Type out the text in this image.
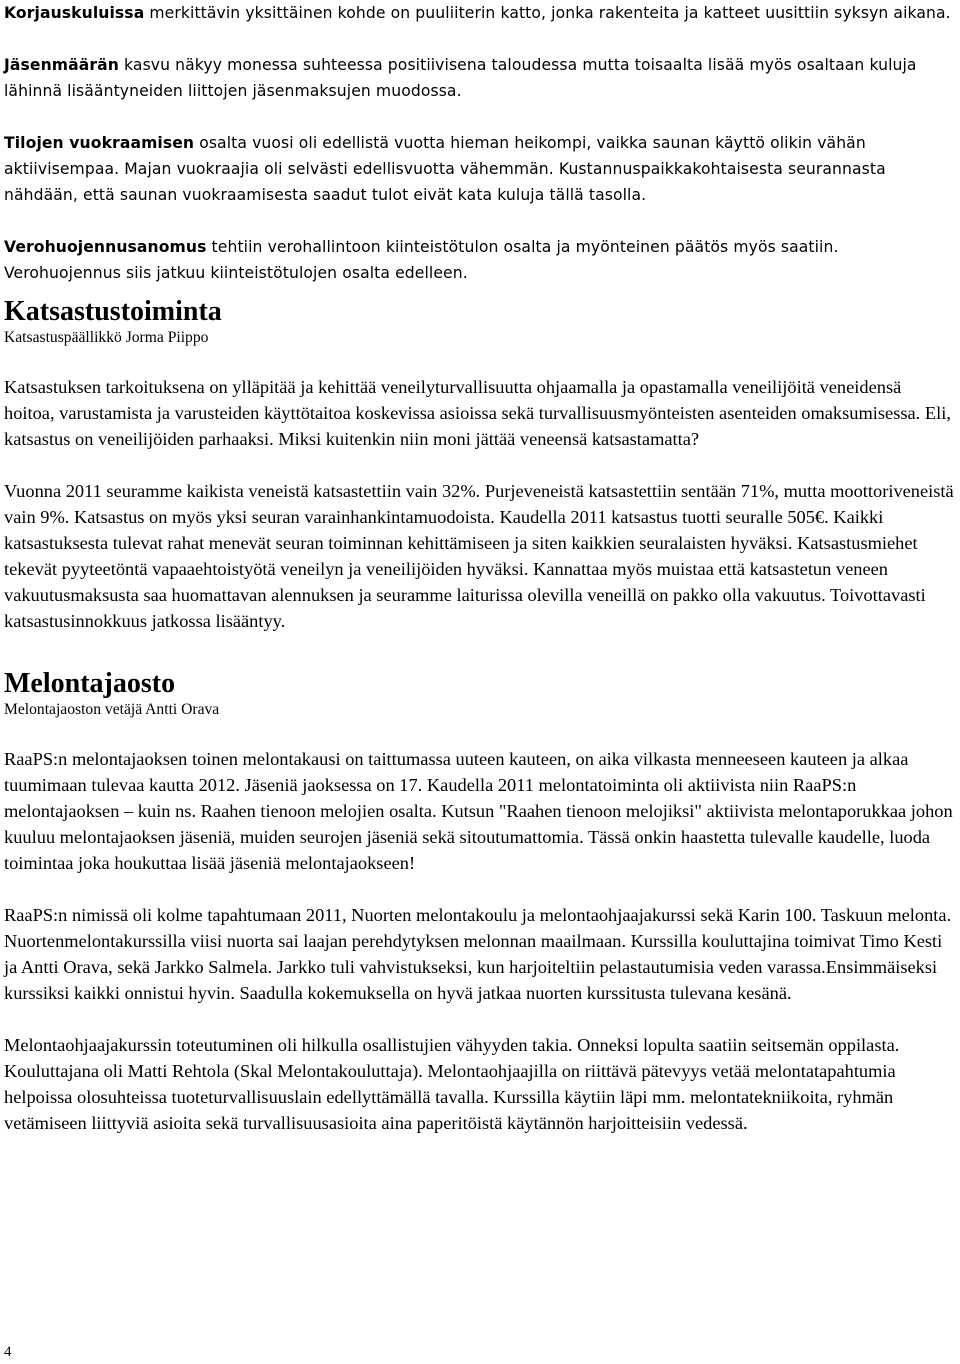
Korjauskuluissa merkittävin yksittäinen kohde on puuliiterin katto, jonka rakenteita ja katteet uusittiin syksyn aikana.

Jäsenmäärän kasvu näkyy monessa suhteessa positiivisena taloudessa mutta toisaalta lisää myös osaltaan kuluja lähinnä lisääntyneiden liittojen jäsenmaksujen muodossa.

Tilojen vuokraamisen osalta vuosi oli edellistä vuotta hieman heikompi, vaikka saunan käyttö olikin vähän aktiivisempaa. Majan vuokraajia oli selvästi edellisvuotta vähemmän. Kustannuspaikkakohtaisesta seurannasta nähdään, että saunan vuokraamisesta saadut tulot eivät kata kuluja tällä tasolla.

Verohuojennusanomus tehtiin verohallintoon kiinteistötulon osalta ja myönteinen päätös myös saatiin. Verohuojennus siis jatkuu kiinteistötulojen osalta edelleen.

Katsastustoiminta

Katsastuspäällikkö Jorma Piippo

Katsastuksen tarkoituksena on ylläpitää ja kehittää veneilyturvallisuutta ohjaamalla ja opastamalla veneilijöitä veneidensä hoitoa, varustamista ja varusteiden käyttötaitoa koskevissa asioissa sekä turvallisuusmyönteisten asenteiden omaksumisessa. Eli, katsastus on veneilijöiden parhaaksi. Miksi kuitenkin niin moni jättää veneensä katsastamatta?

Vuonna 2011 seuramme kaikista veneistä katsastettiin vain 32%. Purjeveneistä katsastettiin sentään 71%, mutta moottoriveneistä vain 9%. Katsastus on myös yksi seuran varainhankintamuodoista. Kaudella 2011 katsastus tuotti seuralle 505€. Kaikki katsastuksesta tulevat rahat menevät seuran toiminnan kehittämiseen ja siten kaikkien seuralaisten hyväksi. Katsastusmiehet tekevät pyyteetöntä vapaaehtoistyötä veneilyn ja veneilijöiden hyväksi. Kannattaa myös muistaa että katsastetun veneen vakuutusmaksusta saa huomattavan alennuksen ja seuramme laiturissa olevilla veneillä on pakko olla vakuutus. Toivottavasti katsastusinnokkuus jatkossa lisääntyy.

Melontajaosto

Melontajaoston vetäjä Antti Orava

RaaPS:n melontajaoksen toinen melontakausi on taittumassa uuteen kauteen, on aika vilkasta menneeseen kauteen ja alkaa tuumimaan tulevaa kautta 2012. Jäseniä jaoksessa on 17. Kaudella 2011 melontatoiminta oli aktiivista niin RaaPS:n melontajaoksen – kuin ns. Raahen tienoon melojien osalta. Kutsun "Raahen tienoon melojiksi" aktiivista melontaporukkaa johon kuuluu melontajaoksen jäseniä, muiden seurojen jäseniä sekä sitoutumattomia. Tässä onkin haastetta tulevalle kaudelle, luoda toimintaa joka houkuttaa lisää jäseniä melontajaokseen!

RaaPS:n nimissä oli kolme tapahtumaan 2011, Nuorten melontakoulu ja melontaohjaajakurssi sekä Karin 100. Taskuun melonta. Nuortenmelontakurssilla viisi nuorta sai laajan perehdytyksen melonnan maailmaan. Kurssilla kouluttajina toimivat Timo Kesti ja Antti Orava, sekä Jarkko Salmela. Jarkko tuli vahvistukseksi, kun harjoiteltiin pelastautumisia veden varassa.Ensimmäiseksi kurssiksi kaikki onnistui hyvin. Saadulla kokemuksella on hyvä jatkaa nuorten kurssitusta tulevana kesänä.

Melontaohjaajakurssin toteutuminen oli hilkulla osallistujien vähyyden takia. Onneksi lopulta saatiin seitsemän oppilasta. Kouluttajana oli Matti Rehtola (Skal Melontakouluttaja). Melontaohjaajilla on riittävä pätevyys vetää melontatapahtumia helpoissa olosuhteissa tuoteturvallisuuslain edellyttämällä tavalla. Kurssilla käytiin läpi mm. melontatekniikoita, ryhmän vetämiseen liittyviä asioita sekä turvallisuusasioita aina paperitöistä käytännön harjoitteisiin vedessä.

4
